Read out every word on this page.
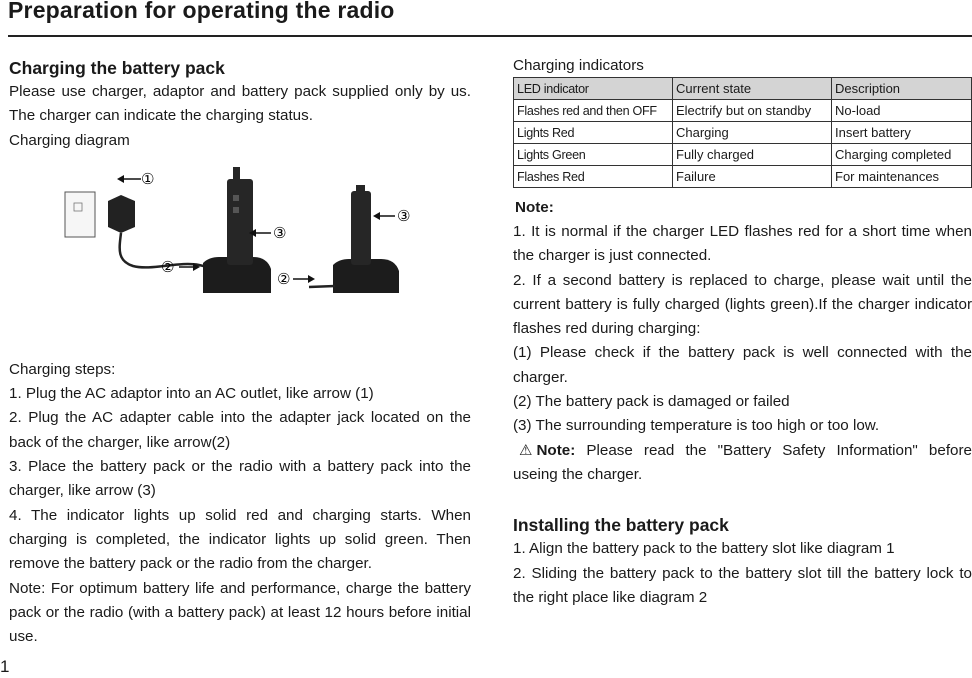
Preparation for operating the radio
Charging the battery pack

Please use charger, adaptor and battery pack supplied only by us. The charger can indicate the charging status.

Charging diagram

①
③
③
②
②

Charging steps:

1. Plug the AC adaptor into an AC outlet, like arrow (1)

2. Plug the AC adapter cable into the adapter jack located on the back of the charger, like arrow(2)

3. Place the battery pack or the radio with a battery pack into the charger, like arrow (3)

4. The indicator lights up solid red and charging starts. When charging is completed, the indicator lights up solid green. Then remove the battery pack or the radio from the charger.

Note: For optimum battery life and performance, charge the battery pack or the radio (with a battery pack) at least 12 hours before initial use.

Charging indicators

LED indicator	Current state	Description
Flashes red and then OFF	Electrify but on standby	No-load
Lights Red	Charging	Insert battery
Lights Green	Fully charged	Charging completed
Flashes Red	Failure	For maintenances
Note:

1. It is normal if the charger LED flashes red for a short time when the charger is just connected.

2. If a second battery is replaced to charge, please wait until the current battery is fully charged (lights green).If the charger indicator flashes red during charging:

(1) Please check if the battery pack is well connected with the charger.

(2) The battery pack is damaged or failed

(3) The surrounding temperature is too high or too low.

⚠ Note: Please read the "Battery Safety Information" before useing the charger.

Installing the battery pack

1. Align the battery pack to the battery slot like diagram 1

2. Sliding the battery pack to the battery slot till the battery lock to the right place like diagram 2

1
